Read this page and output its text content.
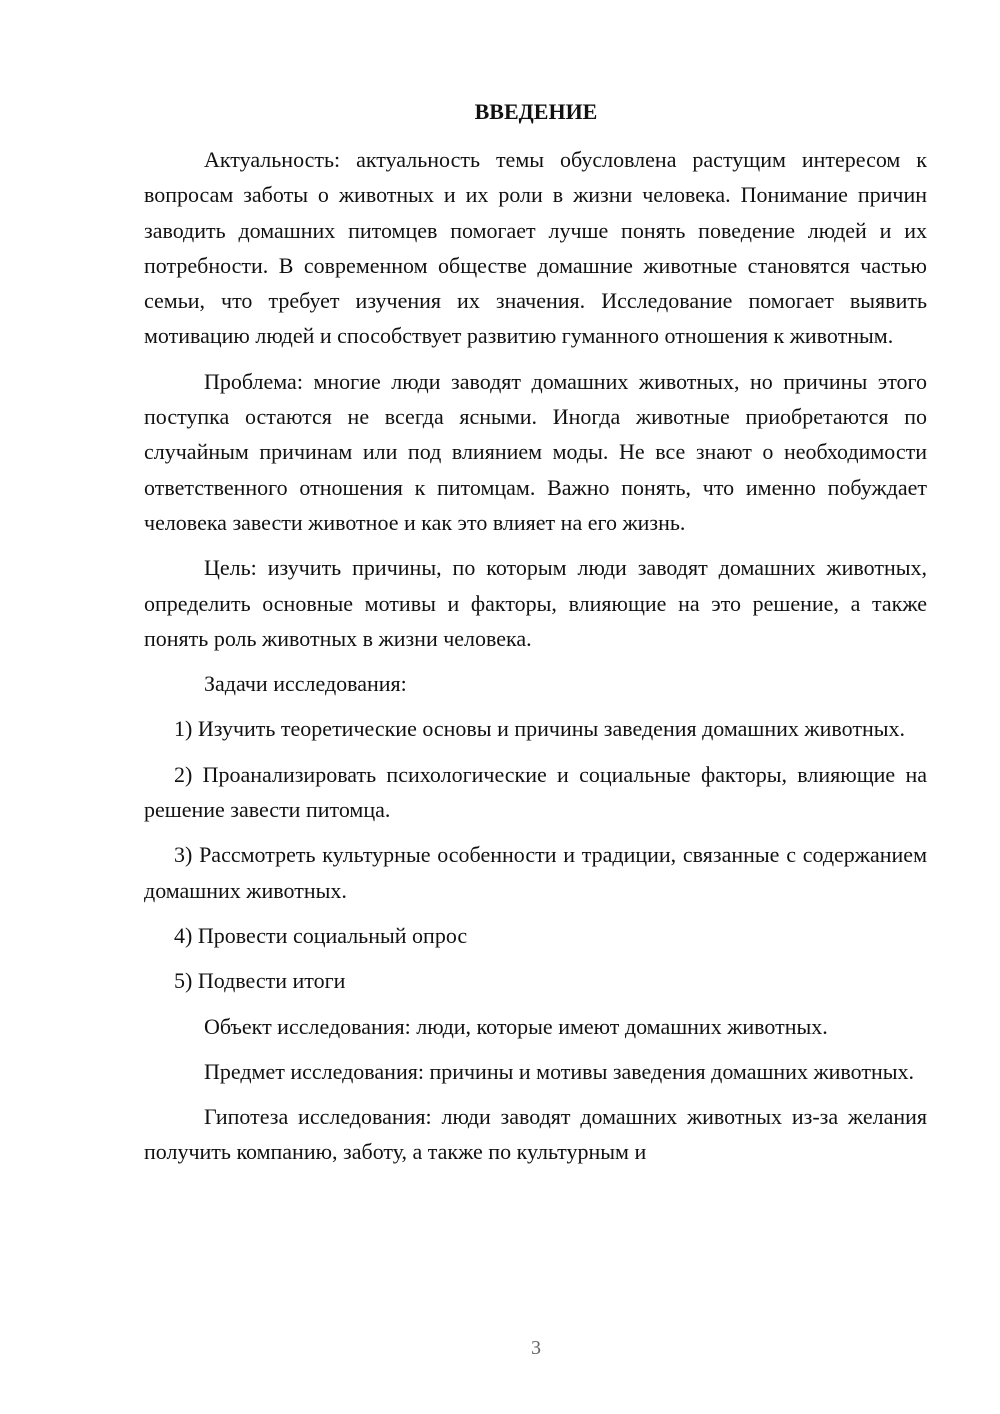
ВВЕДЕНИЕ

Актуальность: актуальность темы обусловлена растущим интересом к вопросам заботы о животных и их роли в жизни человека. Понимание причин заводить домашних питомцев помогает лучше понять поведение людей и их потребности. В современном обществе домашние животные становятся частью семьи, что требует изучения их значения. Исследование помогает выявить мотивацию людей и способствует развитию гуманного отношения к животным.

Проблема: многие люди заводят домашних животных, но причины этого поступка остаются не всегда ясными. Иногда животные приобретаются по случайным причинам или под влиянием моды. Не все знают о необходимости ответственного отношения к питомцам. Важно понять, что именно побуждает человека завести животное и как это влияет на его жизнь.

Цель: изучить причины, по которым люди заводят домашних животных, определить основные мотивы и факторы, влияющие на это решение, а также понять роль животных в жизни человека.

Задачи исследования:

1) Изучить теоретические основы и причины заведения домашних животных.

2) Проанализировать психологические и социальные факторы, влияющие на решение завести питомца.

3) Рассмотреть культурные особенности и традиции, связанные с содержанием домашних животных.

4) Провести социальный опрос

5) Подвести итоги

Объект исследования: люди, которые имеют домашних животных.

Предмет исследования: причины и мотивы заведения домашних животных.

Гипотеза исследования: люди заводят домашних животных из-за желания получить компанию, заботу, а также по культурным и

3
